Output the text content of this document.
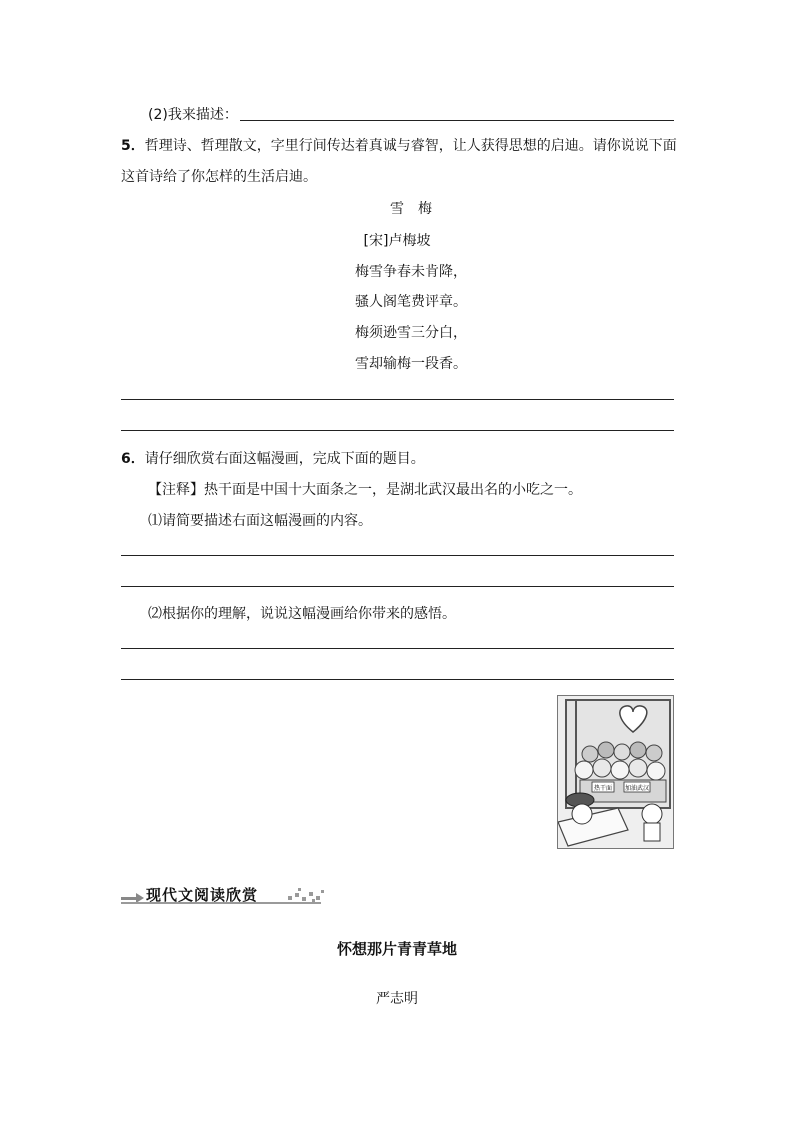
(2)我来描述：
5．哲理诗、哲理散文，字里行间传达着真诚与睿智，让人获得思想的启迪。请你说说下面
这首诗给了你怎样的生活启迪。
雪　梅
[宋]卢梅坡
梅雪争春未肯降，
骚人阁笔费评章。
梅须逊雪三分白，
雪却输梅一段香。
6．请仔细欣赏右面这幅漫画，完成下面的题目。
【注释】热干面是中国十大面条之一，是湖北武汉最出名的小吃之一。
⑴请简要描述右面这幅漫画的内容。
⑵根据你的理解，说说这幅漫画给你带来的感悟。
热干面 加油武汉
现代文阅读欣赏
怀想那片青青草地
严志明
